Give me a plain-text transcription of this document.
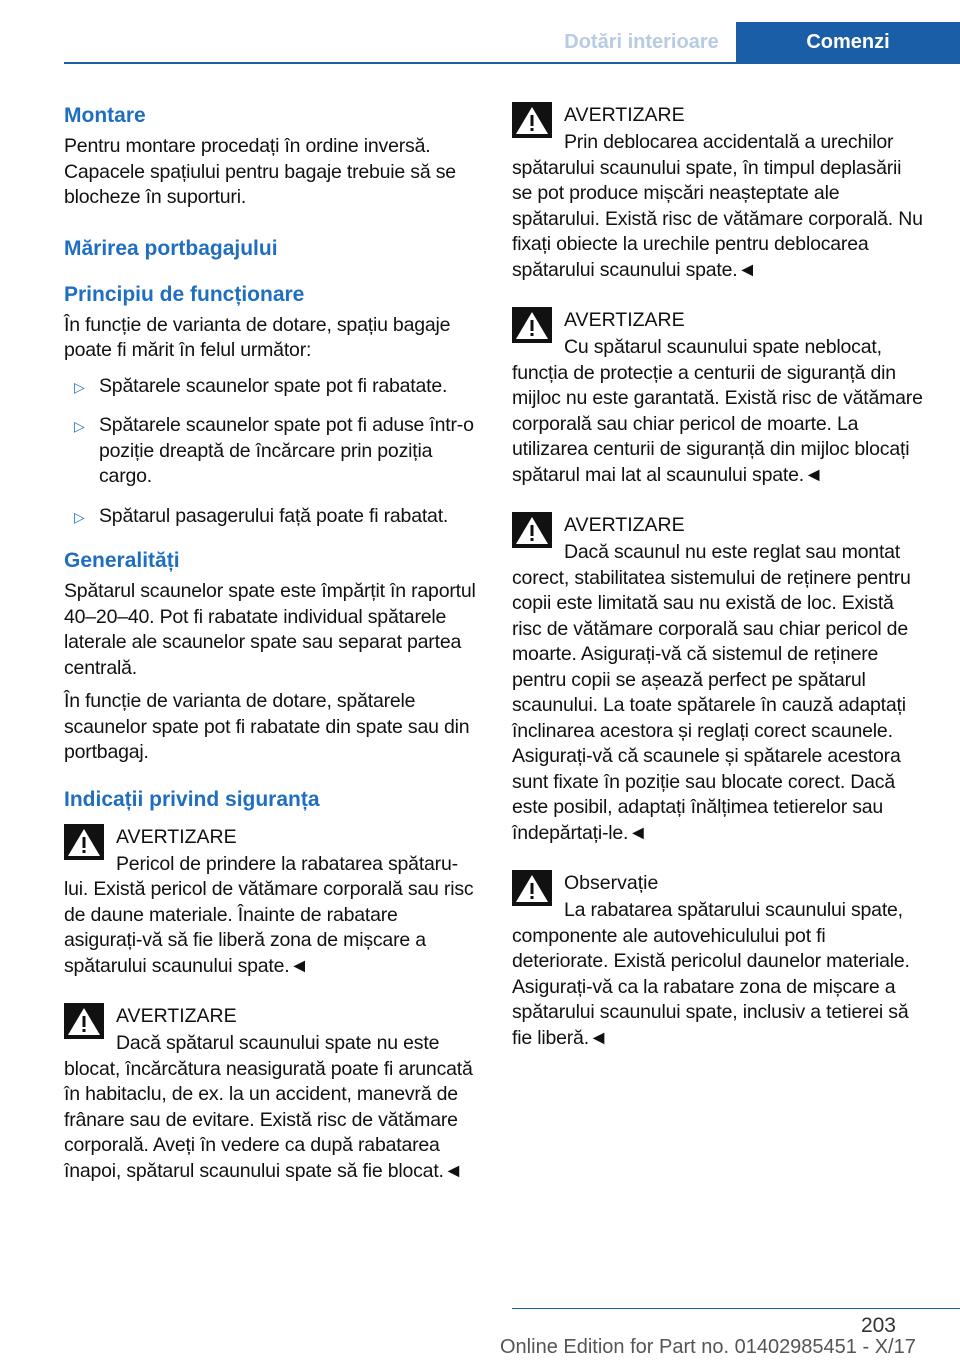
Dotări interioare	Comenzi
Montare

Pentru montare procedați în ordine inversă. Capacele spațiului pentru bagaje trebuie să se blocheze în suporturi.

Mărirea portbagajului
Principiu de funcționare

În funcție de varianta de dotare, spațiu bagaje poate fi mărit în felul următor:

▷ Spătarele scaunelor spate pot fi rabatate.
▷ Spătarele scaunelor spate pot fi aduse într-o poziție dreaptă de încărcare prin poziția cargo.
▷ Spătarul pasagerului față poate fi rabatat.
Generalități

Spătarul scaunelor spate este împărțit în raportul 40–20–40. Pot fi rabatate individual spătarele laterale ale scaunelor spate sau separat partea centrală.

În funcție de varianta de dotare, spătarele scaunelor spate pot fi rabatate din spate sau din portbagaj.

Indicații privind siguranța
AVERTIZARE
Pericol de prindere la rabatarea spătaru-
lui. Există pericol de vătămare corporală sau risc de daune materiale. Înainte de rabatare asigurați-vă să fie liberă zona de mișcare a spătarului scaunului spate.◄
AVERTIZARE
Dacă spătarul scaunului spate nu este
blocat, încărcătura neasigurată poate fi aruncată în habitaclu, de ex. la un accident, manevră de frânare sau de evitare. Există risc de vătămare corporală. Aveți în vedere ca după rabatarea înapoi, spătarul scaunului spate să fie blocat.◄
AVERTIZARE
Prin deblocarea accidentală a urechilor
spătarului scaunului spate, în timpul deplasării se pot produce mișcări neașteptate ale spătarului. Există risc de vătămare corporală. Nu fixați obiecte la urechile pentru deblocarea spătarului scaunului spate.◄
AVERTIZARE
Cu spătarul scaunului spate neblocat,
funcția de protecție a centurii de siguranță din mijloc nu este garantată. Există risc de vătămare corporală sau chiar pericol de moarte. La utilizarea centurii de siguranță din mijloc blocați spătarul mai lat al scaunului spate.◄
AVERTIZARE
Dacă scaunul nu este reglat sau montat
corect, stabilitatea sistemului de reținere pentru copii este limitată sau nu există de loc. Există risc de vătămare corporală sau chiar pericol de moarte. Asigurați-vă că sistemul de reținere pentru copii se așează perfect pe spătarul scaunului. La toate spătarele în cauză adaptați înclinarea acestora și reglați corect scaunele. Asigurați-vă că scaunele și spătarele acestora sunt fixate în poziție sau blocate corect. Dacă este posibil, adaptați înălțimea tetierelor sau îndepărtați-le.◄
Observație
La rabatarea spătarului scaunului spate,
componente ale autovehiculului pot fi deteriorate. Există pericolul daunelor materiale. Asigurați-vă ca la rabatare zona de mișcare a spătarului scaunului spate, inclusiv a tetierei să fie liberă.◄
203
Online Edition for Part no. 01402985451 - X/17
